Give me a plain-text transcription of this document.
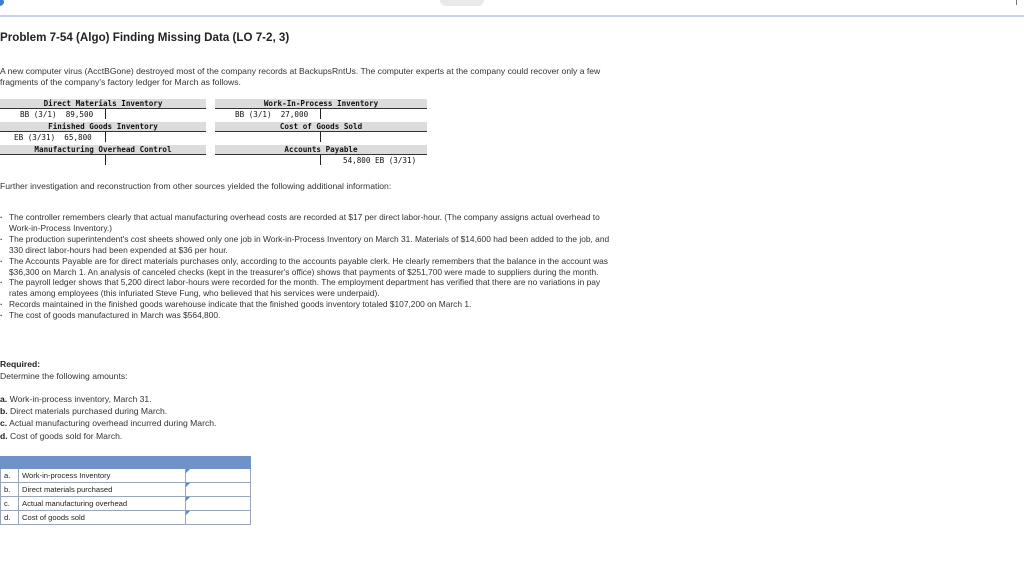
Problem 7-54 (Algo) Finding Missing Data (LO 7-2, 3)
A new computer virus (AcctBGone) destroyed most of the company records at BackupsRntUs. The computer experts at the company could recover only a few fragments of the company's factory ledger for March as follows.
Direct Materials Inventory
BB (3/1)  89,500
Work-In-Process Inventory
BB (3/1)  27,000
Finished Goods Inventory
EB (3/31)  65,800
Cost of Goods Sold
Manufacturing Overhead Control	Accounts Payable
54,800 EB (3/31)
Further investigation and reconstruction from other sources yielded the following additional information:
· The controller remembers clearly that actual manufacturing overhead costs are recorded at $17 per direct labor-hour. (The company assigns actual overhead to Work-in-Process Inventory.)
· The production superintendent's cost sheets showed only one job in Work-in-Process Inventory on March 31. Materials of $14,600 had been added to the job, and 330 direct labor-hours had been expended at $36 per hour.
· The Accounts Payable are for direct materials purchases only, according to the accounts payable clerk. He clearly remembers that the balance in the account was $36,300 on March 1. An analysis of canceled checks (kept in the treasurer's office) shows that payments of $251,700 were made to suppliers during the month.
· The payroll ledger shows that 5,200 direct labor-hours were recorded for the month. The employment department has verified that there are no variations in pay rates among employees (this infuriated Steve Fung, who believed that his services were underpaid).
· Records maintained in the finished goods warehouse indicate that the finished goods inventory totaled $107,200 on March 1.
· The cost of goods manufactured in March was $564,800.
Required:
Determine the following amounts:
a. Work-in-process inventory, March 31.
b. Direct materials purchased during March.
c. Actual manufacturing overhead incurred during March.
d. Cost of goods sold for March.

a.	Work-in-process Inventory	

b.	Direct materials purchased	

c.	Actual manufacturing overhead	

d.	Cost of goods sold	
